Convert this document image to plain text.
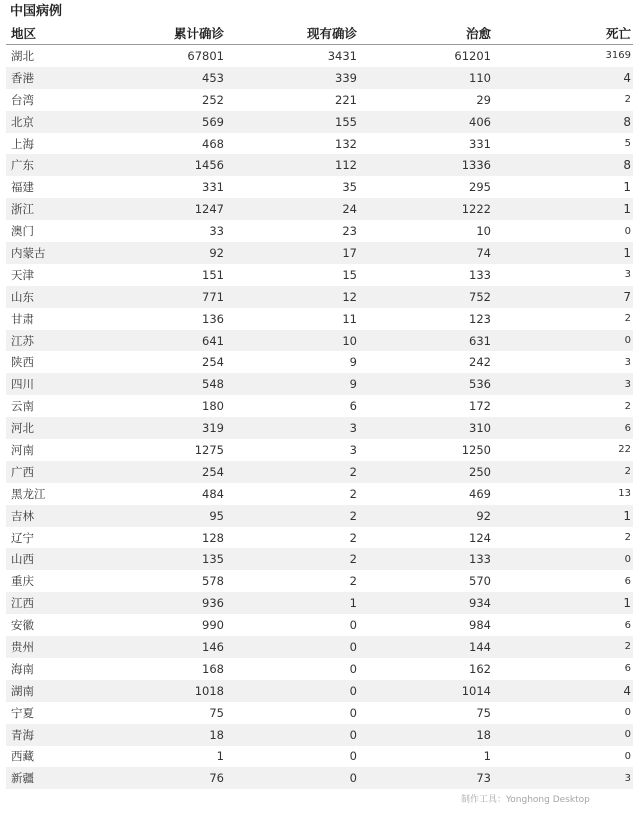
中国病例
地区	累计确诊	现有确诊	治愈	死亡
湖北	67801	3431	61201	3169
香港	453	339	110	4
台湾	252	221	29	2
北京	569	155	406	8
上海	468	132	331	5
广东	1456	112	1336	8
福建	331	35	295	1
浙江	1247	24	1222	1
澳门	33	23	10	0
内蒙古	92	17	74	1
天津	151	15	133	3
山东	771	12	752	7
甘肃	136	11	123	2
江苏	641	10	631	0
陕西	254	9	242	3
四川	548	9	536	3
云南	180	6	172	2
河北	319	3	310	6
河南	1275	3	1250	22
广西	254	2	250	2
黑龙江	484	2	469	13
吉林	95	2	92	1
辽宁	128	2	124	2
山西	135	2	133	0
重庆	578	2	570	6
江西	936	1	934	1
安徽	990	0	984	6
贵州	146	0	144	2
海南	168	0	162	6
湖南	1018	0	1014	4
宁夏	75	0	75	0
青海	18	0	18	0
西藏	1	0	1	0
新疆	76	0	73	3
制作工具：Yonghong Desktop
